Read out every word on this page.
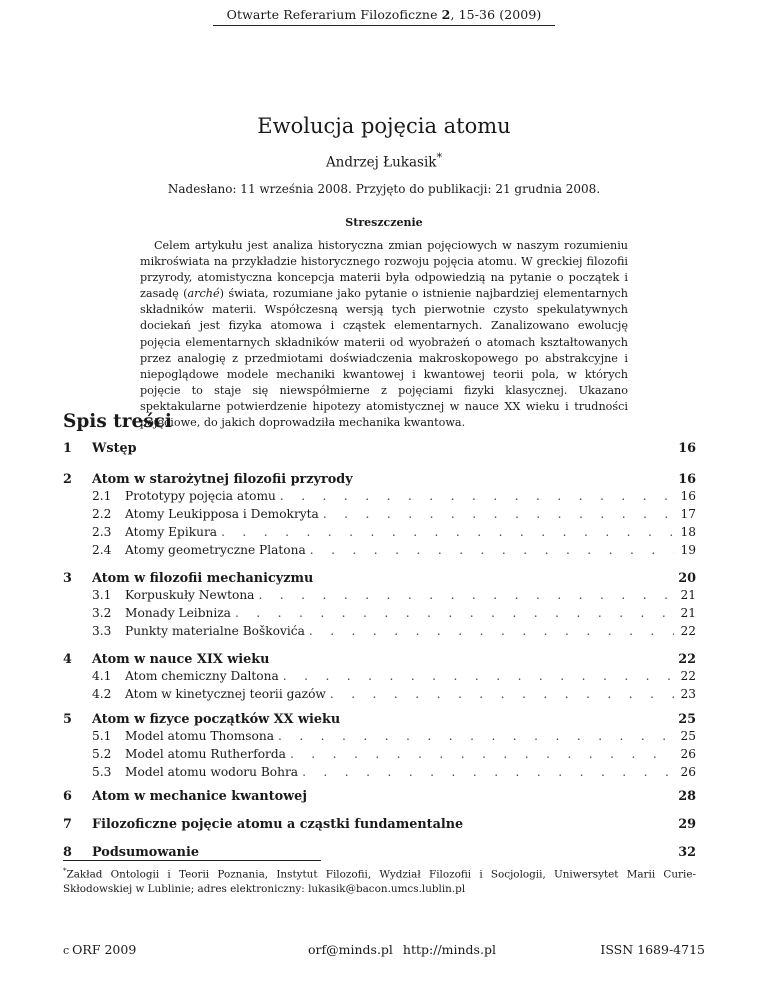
Otwarte Referarium Filozoficzne 2, 15-36 (2009)
Ewolucja pojęcia atomu
Andrzej Łukasik*
Nadesłano: 11 września 2008. Przyjęto do publikacji: 21 grudnia 2008.
Streszczenie

Celem artykułu jest analiza historyczna zmian pojęciowych w naszym rozumieniu mikroświata na przykładzie historycznego rozwoju pojęcia atomu. W greckiej filozofii przyrody, atomistyczna koncepcja materii była odpowiedzią na pytanie o początek i zasadę (arché) świata, rozumiane jako pytanie o istnienie najbardziej elementarnych składników materii. Współczesną wersją tych pierwotnie czysto spekulatywnych dociekań jest fizyka atomowa i cząstek elementarnych. Zanalizowano ewolucję pojęcia elementarnych składników materii od wyobrażeń o atomach kształtowanych przez analogię z przedmiotami doświadczenia makroskopowego po abstrakcyjne i niepoglądowe modele mechaniki kwantowej i kwantowej teorii pola, w których pojęcie to staje się niewspółmierne z pojęciami fizyki klasycznej. Ukazano spektakularne potwierdzenie hipotezy atomistycznej w nauce XX wieku i trudności pojęciowe, do jakich doprowadziła mechanika kwantowa.

Spis treści
1 Wstęp	16
2 Atom w starożytnej filozofii przyrody	16
2.1	Prototypy pojęcia atomu . . .	16
2.2	Atomy Leukipposa i Demokryta . . .	17
2.3	Atomy Epikura . . .	18
2.4	Atomy geometryczne Platona . . .	19
3 Atom w filozofii mechanicyzmu	20
3.1	Korpuskuły Newtona . . .	21
3.2	Monady Leibniza . . .	21
3.3	Punkty materialne Boškovića . . .	22
4 Atom w nauce XIX wieku	22
4.1	Atom chemiczny Daltona . . .	22
4.2	Atom w kinetycznej teorii gazów . . .	23
5 Atom w fizyce początków XX wieku	25
5.1	Model atomu Thomsona . . .	25
5.2	Model atomu Rutherforda . . .	26
5.3	Model atomu wodoru Bohra . . .	26
6 Atom w mechanice kwantowej	28
7 Filozoficzne pojęcie atomu a cząstki fundamentalne	29
8 Podsumowanie	32
*Zakład Ontologii i Teorii Poznania, Instytut Filozofii, Wydział Filozofii i Socjologii, Uniwersytet Marii Curie-Skłodowskiej w Lublinie; adres elektroniczny: lukasik@bacon.umcs.lublin.pl
c ORF 2009	orf@minds.pl http://minds.pl	ISSN 1689-4715
